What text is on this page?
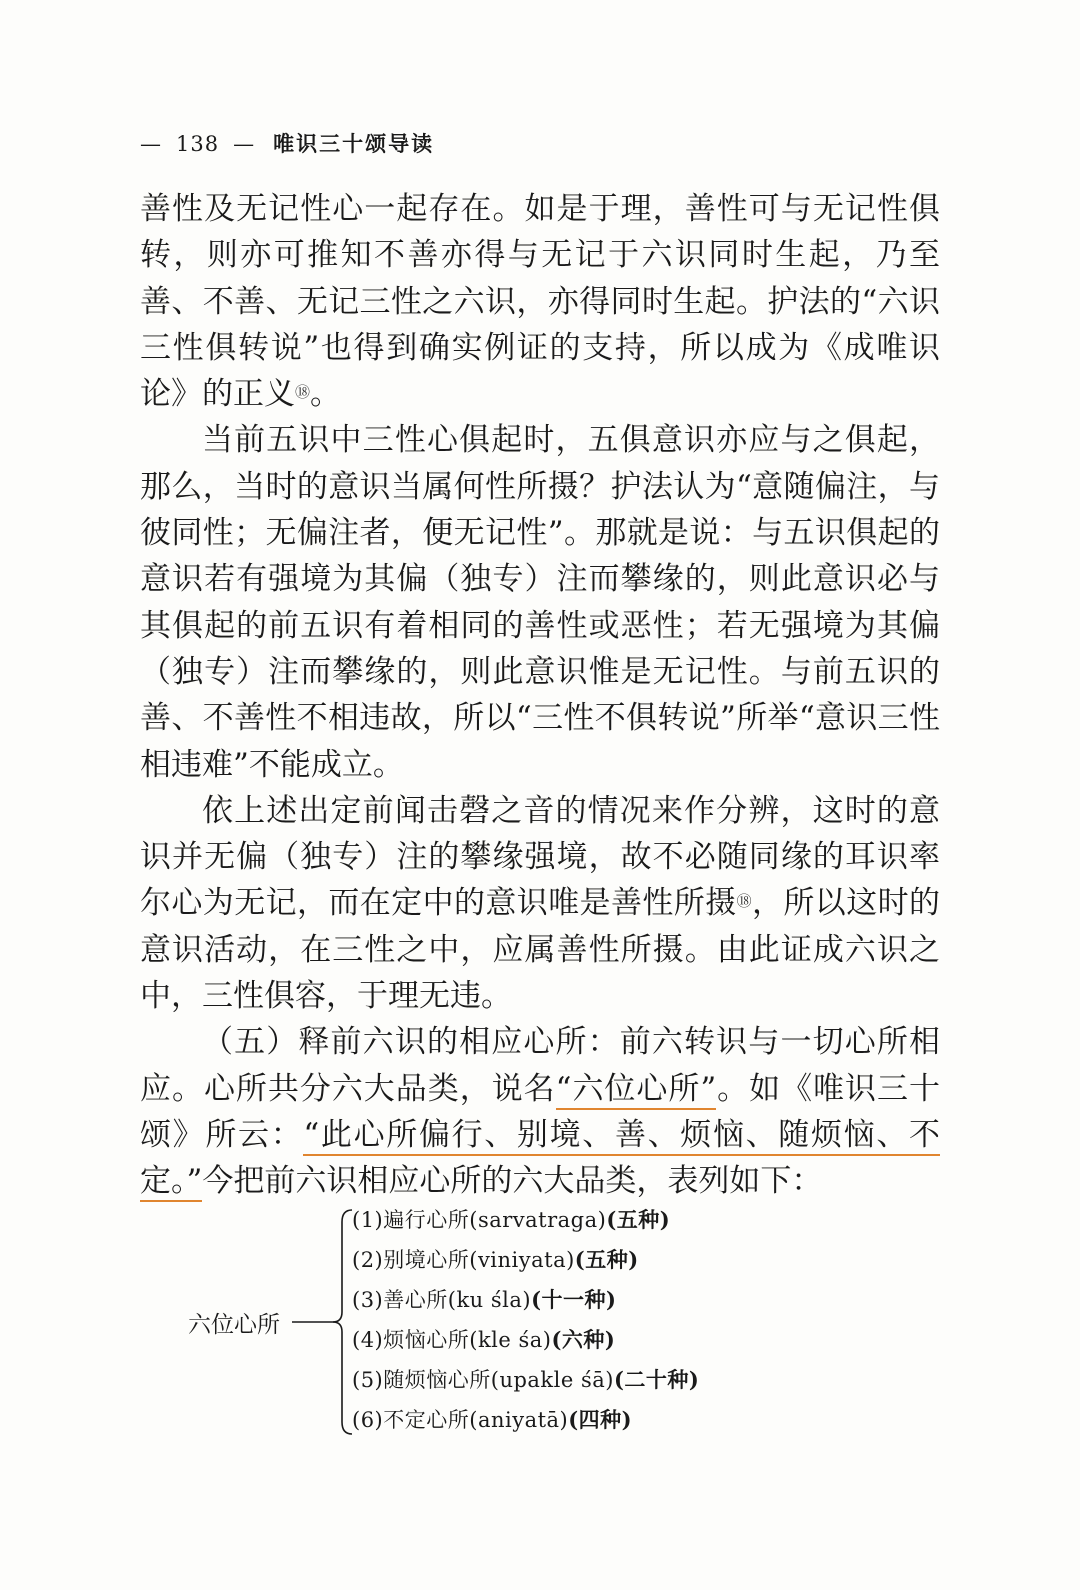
— 138 — 唯识三十颂导读

善性及无记性心一起存在。如是于理，善性可与无记性俱转，则亦可推知不善亦得与无记于六识同时生起，乃至善、不善、无记三性之六识，亦得同时生起。护法的“六识三性俱转说”也得到确实例证的支持，所以成为《成唯识论》的正义⑱。

当前五识中三性心俱起时，五俱意识亦应与之俱起，那么，当时的意识当属何性所摄？护法认为“意随偏注，与彼同性；无偏注者，便无记性”。那就是说：与五识俱起的意识若有强境为其偏（独专）注而攀缘的，则此意识必与其俱起的前五识有着相同的善性或恶性；若无强境为其偏（独专）注而攀缘的，则此意识惟是无记性。与前五识的善、不善性不相违故，所以“三性不俱转说”所举“意识三性相违难”不能成立。

依上述出定前闻击磬之音的情况来作分辨，这时的意识并无偏（独专）注的攀缘强境，故不必随同缘的耳识率尔心为无记，而在定中的意识唯是善性所摄⑱，所以这时的意识活动，在三性之中，应属善性所摄。由此证成六识之中，三性俱容，于理无违。

（五）释前六识的相应心所：前六转识与一切心所相应。心所共分六大品类，说名“六位心所”。如《唯识三十颂》所云：“此心所偏行、别境、善、烦恼、随烦恼、不定。”今把前六识相应心所的六大品类，表列如下：

六位心所
(1)遍行心所(sarvatraga)(五种)
(2)别境心所(viniyata)(五种)
(3)善心所(ku śla)(十一种)
(4)烦恼心所(kle śa)(六种)
(5)随烦恼心所(upakle śā)(二十种)
(6)不定心所(aniyatā)(四种)
